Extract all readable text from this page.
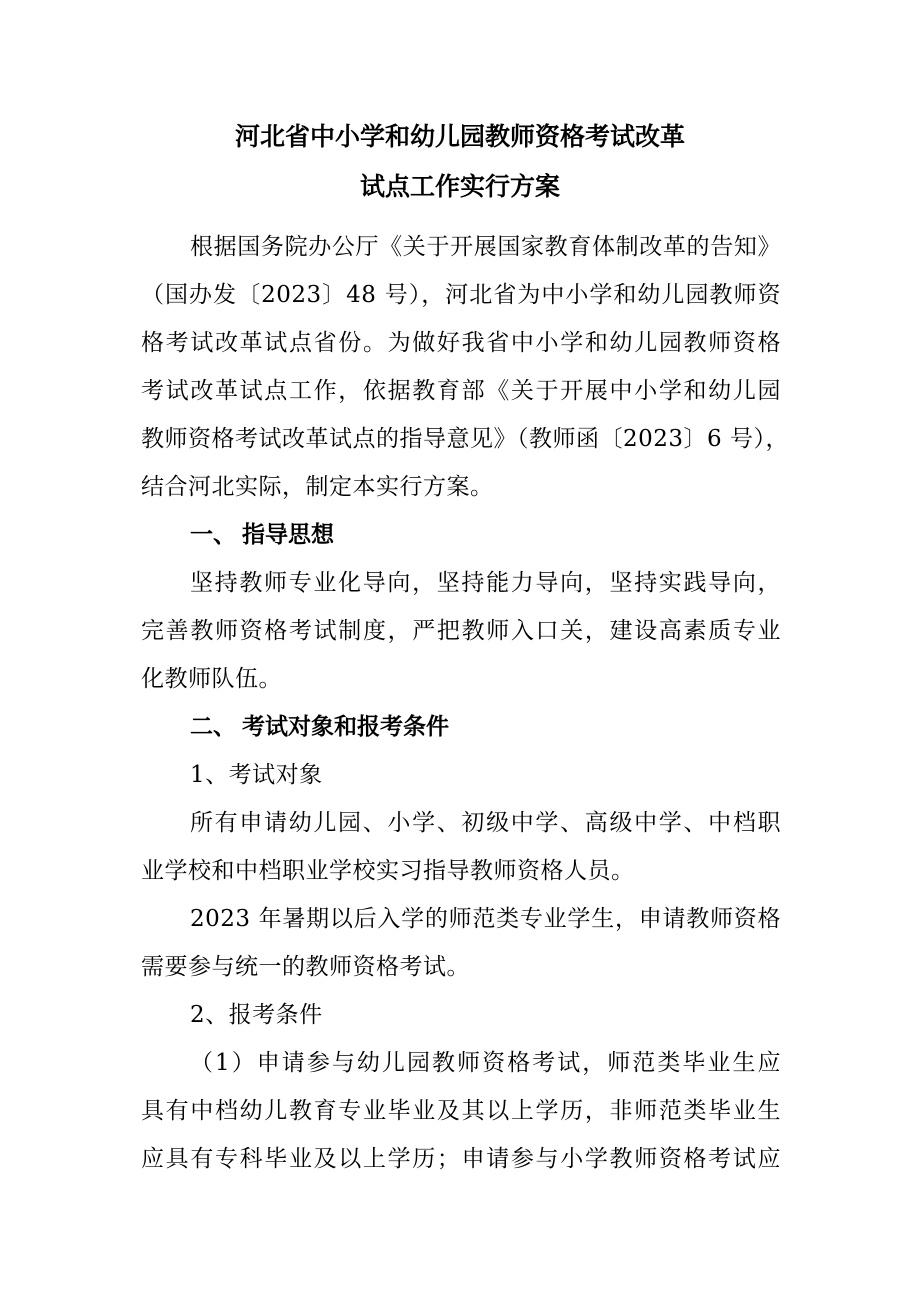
河北省中小学和幼儿园教师资格考试改革
试点工作实行方案
根据国务院办公厅《关于开展国家教育体制改革的告知》
（国办发〔2023〕48 号），河北省为中小学和幼儿园教师资
格考试改革试点省份。为做好我省中小学和幼儿园教师资格
考试改革试点工作，依据教育部《关于开展中小学和幼儿园
教师资格考试改革试点的指导意见》（教师函〔2023〕6 号），
结合河北实际，制定本实行方案。
一、 指导思想
坚持教师专业化导向，坚持能力导向，坚持实践导向，
完善教师资格考试制度，严把教师入口关，建设高素质专业
化教师队伍。
二、 考试对象和报考条件
1、考试对象
所有申请幼儿园、小学、初级中学、高级中学、中档职
业学校和中档职业学校实习指导教师资格人员。
2023 年暑期以后入学的师范类专业学生，申请教师资格
需要参与统一的教师资格考试。
2、报考条件
（1）申请参与幼儿园教师资格考试，师范类毕业生应
具有中档幼儿教育专业毕业及其以上学历，非师范类毕业生
应具有专科毕业及以上学历；申请参与小学教师资格考试应
